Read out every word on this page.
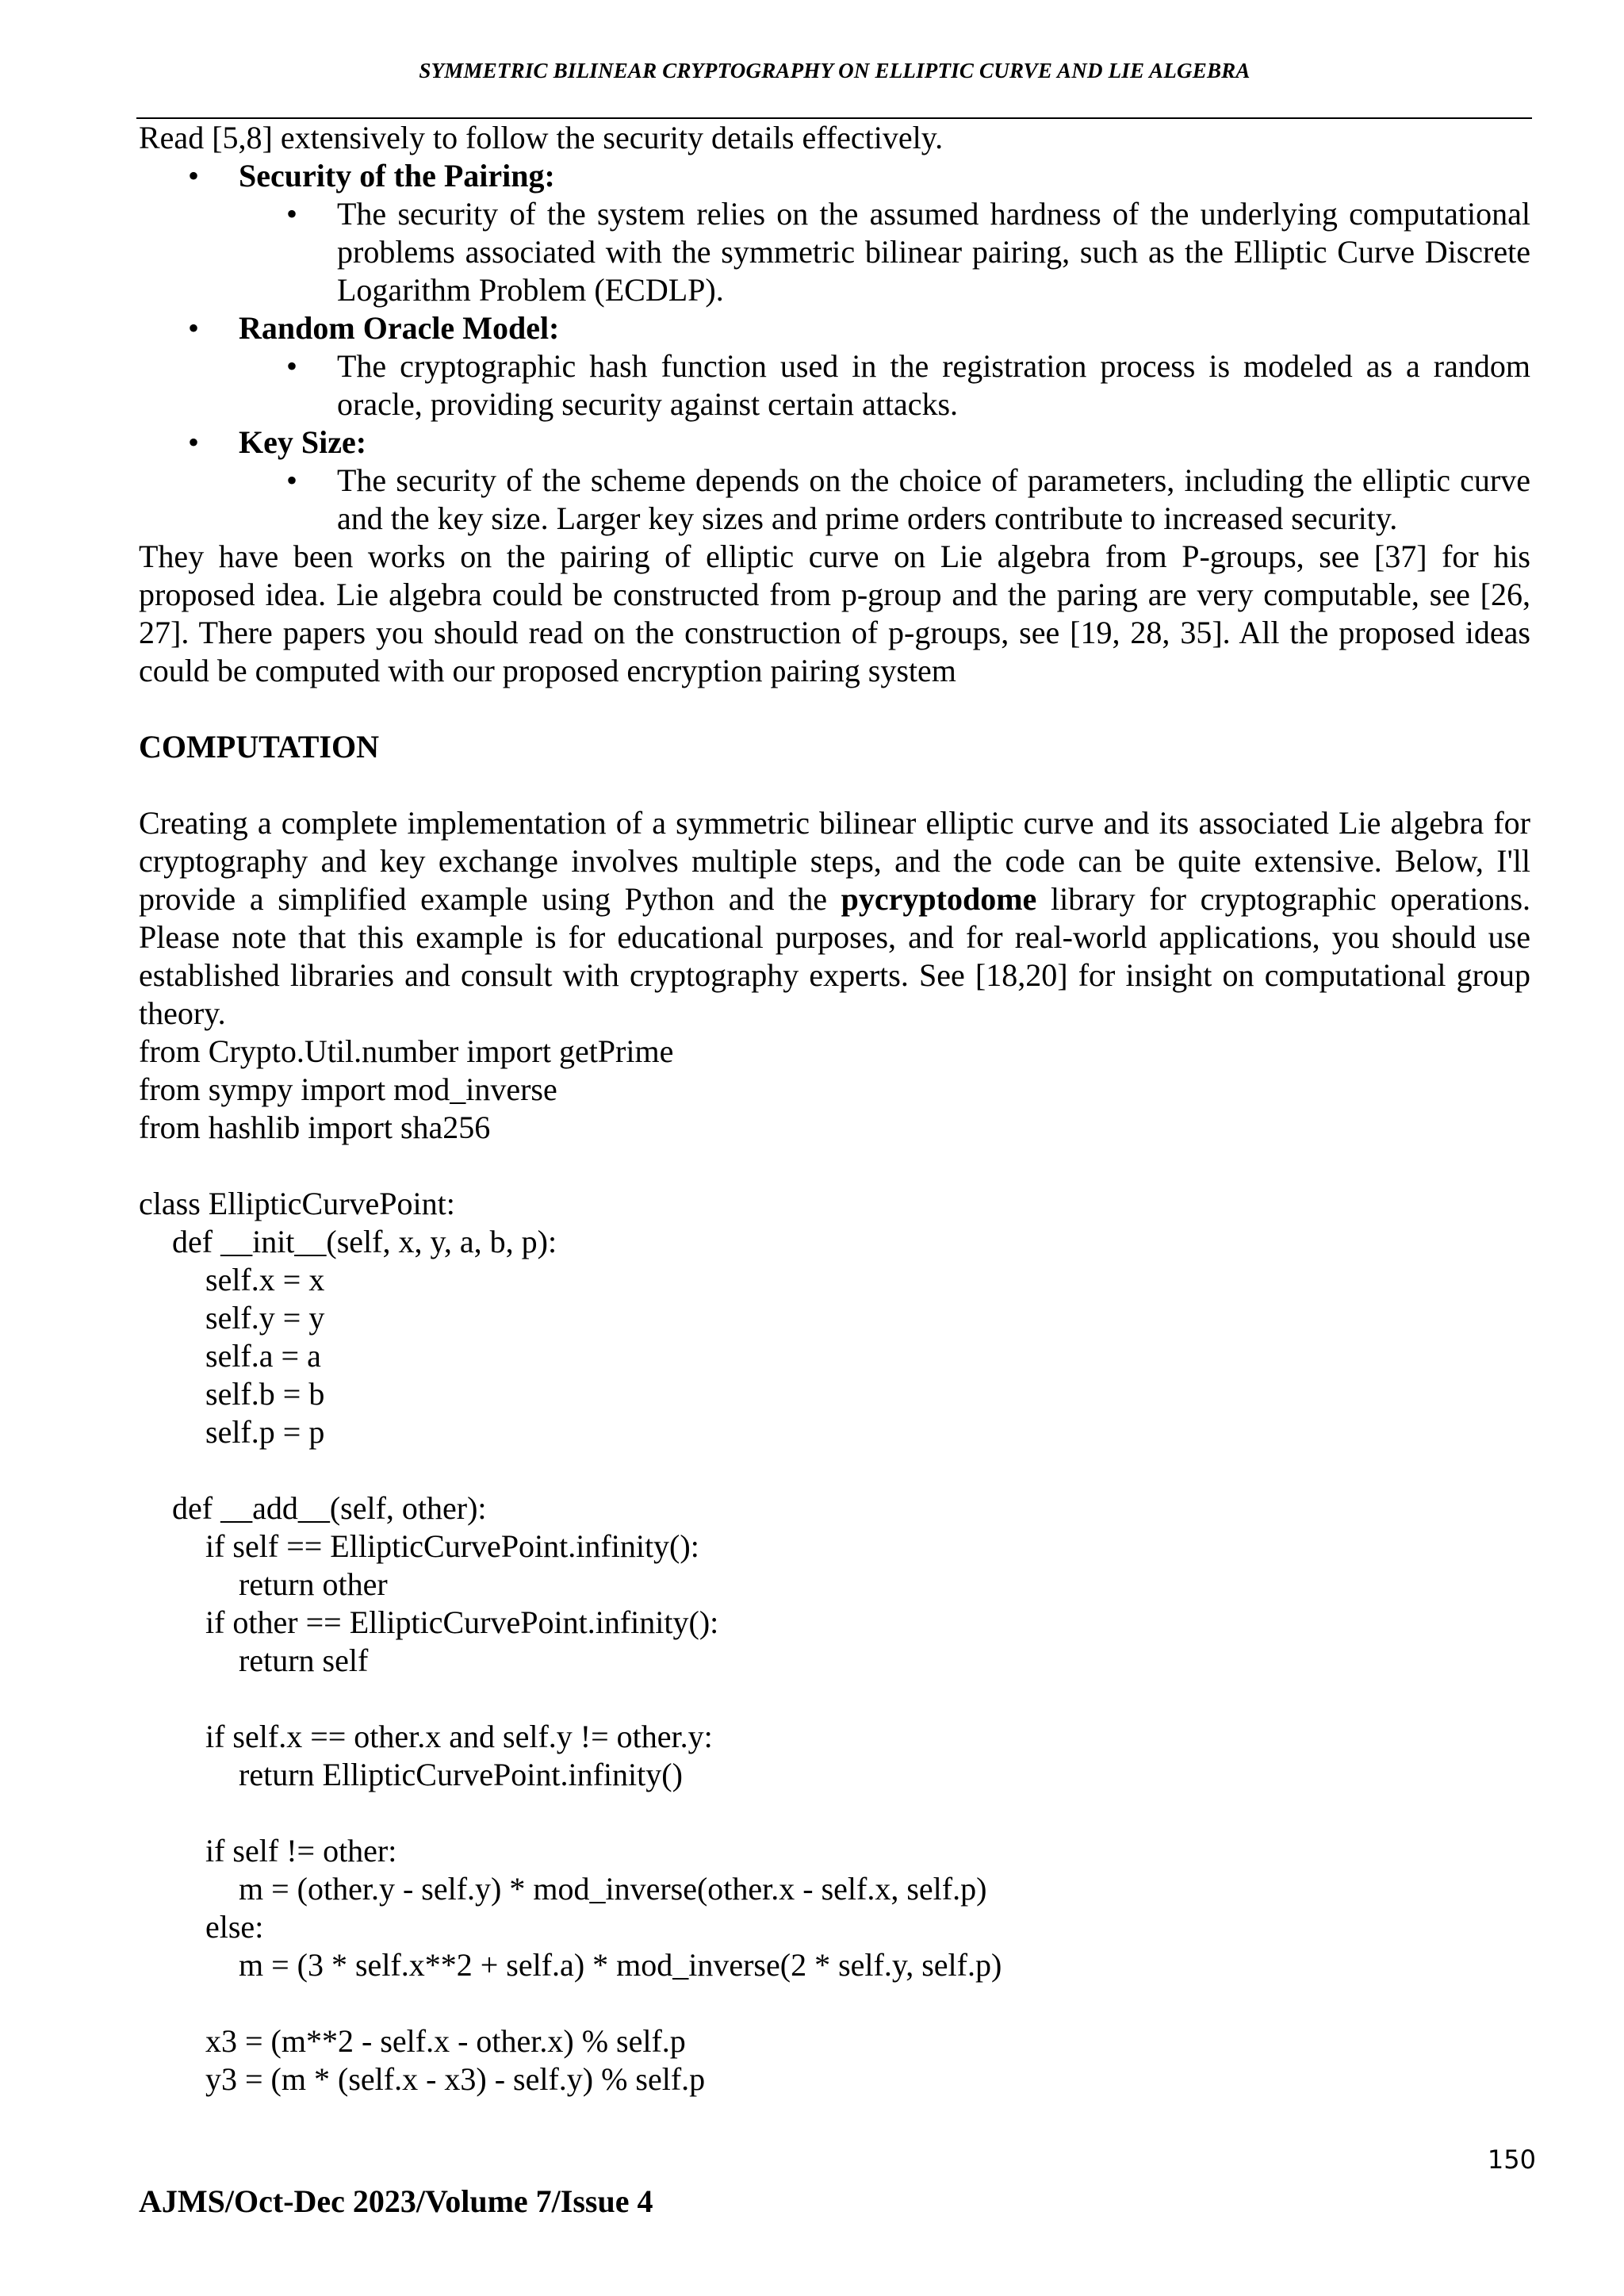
SYMMETRIC BILINEAR CRYPTOGRAPHY ON ELLIPTIC CURVE AND LIE ALGEBRA

Read [5,8] extensively to follow the security details effectively.

• Security of the Pairing:
• The security of the system relies on the assumed hardness of the underlying computational problems associated with the symmetric bilinear pairing, such as the Elliptic Curve Discrete Logarithm Problem (ECDLP).
• Random Oracle Model:
• The cryptographic hash function used in the registration process is modeled as a random oracle, providing security against certain attacks.
• Key Size:
• The security of the scheme depends on the choice of parameters, including the elliptic curve and the key size. Larger key sizes and prime orders contribute to increased security.

They have been works on the pairing of elliptic curve on Lie algebra from P-groups, see [37] for his proposed idea. Lie algebra could be constructed from p-group and the paring are very computable, see [26, 27]. There papers you should read on the construction of p-groups, see [19, 28, 35]. All the proposed ideas could be computed with our proposed encryption pairing system

COMPUTATION

Creating a complete implementation of a symmetric bilinear elliptic curve and its associated Lie algebra for cryptography and key exchange involves multiple steps, and the code can be quite extensive. Below, I'll provide a simplified example using Python and the pycryptodome library for cryptographic operations. Please note that this example is for educational purposes, and for real-world applications, you should use established libraries and consult with cryptography experts. See [18,20] for insight on computational group theory.

from Crypto.Util.number import getPrime

from sympy import mod_inverse

from hashlib import sha256

class EllipticCurvePoint:

def __init__(self, x, y, a, b, p):

self.x = x

self.y = y

self.a = a

self.b = b

self.p = p

def __add__(self, other):

if self == EllipticCurvePoint.infinity():

return other

if other == EllipticCurvePoint.infinity():

return self

if self.x == other.x and self.y != other.y:

return EllipticCurvePoint.infinity()

if self != other:

m = (other.y - self.y) * mod_inverse(other.x - self.x, self.p)

else:

m = (3 * self.x**2 + self.a) * mod_inverse(2 * self.y, self.p)

x3 = (m**2 - self.x - other.x) % self.p

y3 = (m * (self.x - x3) - self.y) % self.p

150
AJMS/Oct-Dec 2023/Volume 7/Issue 4
